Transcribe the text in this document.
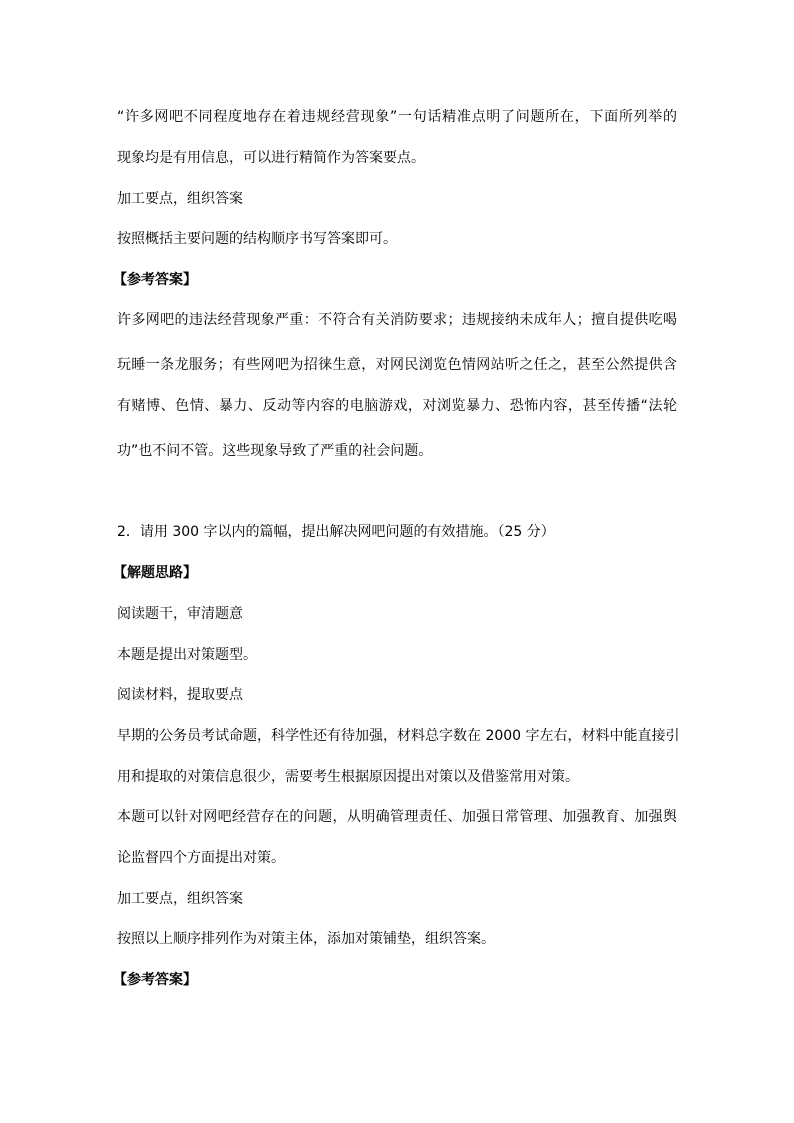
“许多网吧不同程度地存在着违规经营现象”一句话精准点明了问题所在，下面所列举的
现象均是有用信息，可以进行精简作为答案要点。
加工要点，组织答案
按照概括主要问题的结构顺序书写答案即可。
【参考答案】
许多网吧的违法经营现象严重：不符合有关消防要求；违规接纳未成年人；擅自提供吃喝
玩睡一条龙服务；有些网吧为招徕生意，对网民浏览色情网站听之任之，甚至公然提供含
有赌博、色情、暴力、反动等内容的电脑游戏，对浏览暴力、恐怖内容，甚至传播“法轮
功”也不问不管。这些现象导致了严重的社会问题。
2．请用 300 字以内的篇幅，提出解决网吧问题的有效措施。（25 分）
【解题思路】
阅读题干，审清题意
本题是提出对策题型。
阅读材料，提取要点
早期的公务员考试命题，科学性还有待加强，材料总字数在 2000 字左右，材料中能直接引
用和提取的对策信息很少，需要考生根据原因提出对策以及借鉴常用对策。
本题可以针对网吧经营存在的问题，从明确管理责任、加强日常管理、加强教育、加强舆
论监督四个方面提出对策。
加工要点，组织答案
按照以上顺序排列作为对策主体，添加对策铺垫，组织答案。
【参考答案】
